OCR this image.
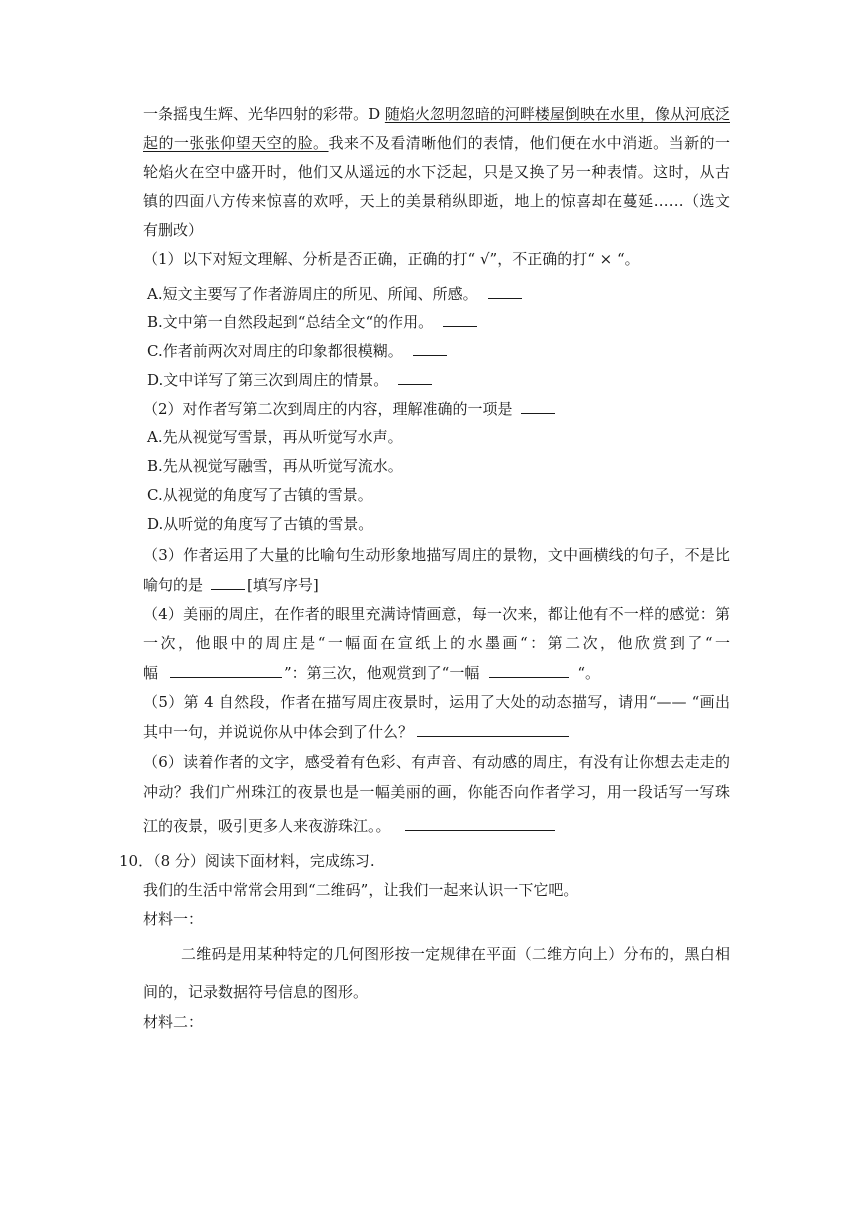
一条摇曳生辉、光华四射的彩带。D 随焰火忽明忽暗的河畔楼屋倒映在水里，像从河底泛
起的一张张仰望天空的脸。我来不及看清晰他们的表情，他们便在水中消逝。当新的一
轮焰火在空中盛开时，他们又从遥远的水下泛起，只是又换了另一种表情。这时，从古
镇的四面八方传来惊喜的欢呼，天上的美景稍纵即逝，地上的惊喜却在蔓延……（选文
有删改）
（1）以下对短文理解、分析是否正确，正确的打“ √”，不正确的打“ × “。
A.短文主要写了作者游周庄的所见、所闻、所感。
B.文中第一自然段起到“总结全文“的作用。
C.作者前两次对周庄的印象都很模糊。
D.文中详写了第三次到周庄的情景。
（2）对作者写第二次到周庄的内容，理解准确的一项是
A.先从视觉写雪景，再从听觉写水声。
B.先从视觉写融雪，再从听觉写流水。
C.从视觉的角度写了古镇的雪景。
D.从听觉的角度写了古镇的雪景。
（3）作者运用了大量的比喻句生动形象地描写周庄的景物，文中画横线的句子，不是比
喻句的是	[填写序号]
（4）美丽的周庄，在作者的眼里充满诗情画意，每一次来，都让他有不一样的感觉：第
一次，他眼中的周庄是“一幅面在宣纸上的水墨画“：第二次，他欣赏到了“一
幅	”：第三次，他观赏到了“一幅	“。
（5）第 4 自然段，作者在描写周庄夜景时，运用了大处的动态描写，请用“—— “画出
其中一句，并说说你从中体会到了什么？
（6）读着作者的文字，感受着有色彩、有声音、有动感的周庄，有没有让你想去走走的
冲动？我们广州珠江的夜景也是一幅美丽的画，你能否向作者学习，用一段话写一写珠
江的夜景，吸引更多人来夜游珠江。。
10．（8 分）阅读下面材料，完成练习.
我们的生活中常常会用到“二维码”，让我们一起来认识一下它吧。
材料一：
二维码是用某种特定的几何图形按一定规律在平面（二维方向上）分布的，黑白相
间的，记录数据符号信息的图形。
材料二：
